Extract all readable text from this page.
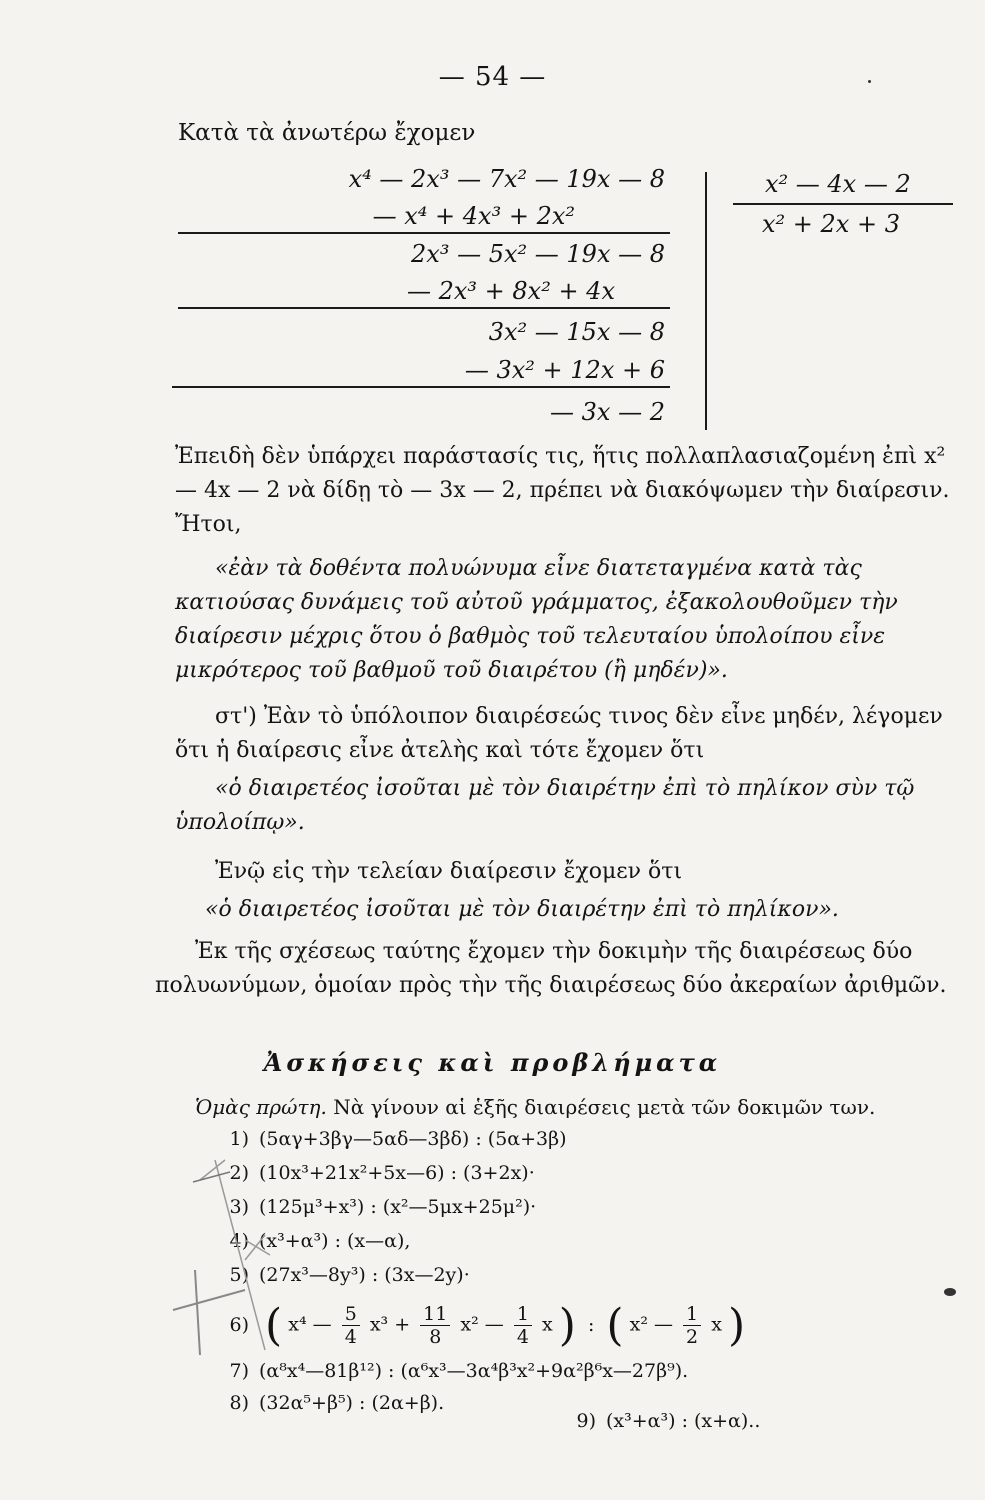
— 54 —
Κατὰ τὰ ἀνωτέρω ἔχομεν
x⁴ — 2x³ — 7x² — 19x — 8
— x⁴ + 4x³ + 2x²
2x³ — 5x² — 19x — 8
— 2x³ + 8x² + 4x
3x² — 15x — 8
— 3x² + 12x + 6
— 3x — 2
x² — 4x — 2
x² + 2x + 3
Ἐπειδὴ δὲν ὑπάρχει παράστασίς τις, ἥτις πολλαπλασιαζομένη ἐπὶ x² — 4x — 2 νὰ δίδῃ τὸ — 3x — 2, πρέπει νὰ διακόψωμεν τὴν διαίρεσιν. Ἤτοι,
«ἐὰν τὰ δοθέντα πολυώνυμα εἶνε διατεταγμένα κατὰ τὰς κατιούσας δυνάμεις τοῦ αὐτοῦ γράμματος, ἐξακολουθοῦμεν τὴν διαίρεσιν μέχρις ὅτου ὁ βαθμὸς τοῦ τελευταίου ὑπολοίπου εἶνε μικρότερος τοῦ βαθμοῦ τοῦ διαιρέτου (ἢ μηδέν)».
στ') Ἐὰν τὸ ὑπόλοιπον διαιρέσεώς τινος δὲν εἶνε μηδέν, λέγομεν ὅτι ἡ διαίρεσις εἶνε ἀτελὴς καὶ τότε ἔχομεν ὅτι
«ὁ διαιρετέος ἰσοῦται μὲ τὸν διαιρέτην ἐπὶ τὸ πηλίκον σὺν τῷ ὑπολοίπῳ».
Ἐνῷ εἰς τὴν τελείαν διαίρεσιν ἔχομεν ὅτι
«ὁ διαιρετέος ἰσοῦται μὲ τὸν διαιρέτην ἐπὶ τὸ πηλίκον».
Ἐκ τῆς σχέσεως ταύτης ἔχομεν τὴν δοκιμὴν τῆς διαιρέσεως δύο πολυωνύμων, ὁμοίαν πρὸς τὴν τῆς διαιρέσεως δύο ἀκεραίων ἀριθμῶν.
Ἀσκήσεις καὶ προβλήματα
Ὁμὰς πρώτη. Νὰ γίνουν αἱ ἑξῆς διαιρέσεις μετὰ τῶν δοκιμῶν των.
1) (5αγ+3βγ—5αδ—3βδ) : (5α+3β)
2) (10x³+21x²+5x—6) : (3+2x)·
3) (125μ³+x³) : (x²—5μx+25μ²)·
4) (x³+α³) : (x—α),
5) (27x³—8y³) : (3x—2y)·
6) ( x⁴ — $\frac{5}{4} x^3 + \frac{11}{8} x^2$ — $\frac{1}{4}$ x ) : ( x² — $\frac{1}{2}$ x )
7) (α⁸x⁴—81β¹²) : (α⁶x³—3α⁴β³x²+9α²β⁶x—27β⁹).
8) (32α⁵+β⁵) : (2α+β).
9) (x³+α³) : (x+α)..
